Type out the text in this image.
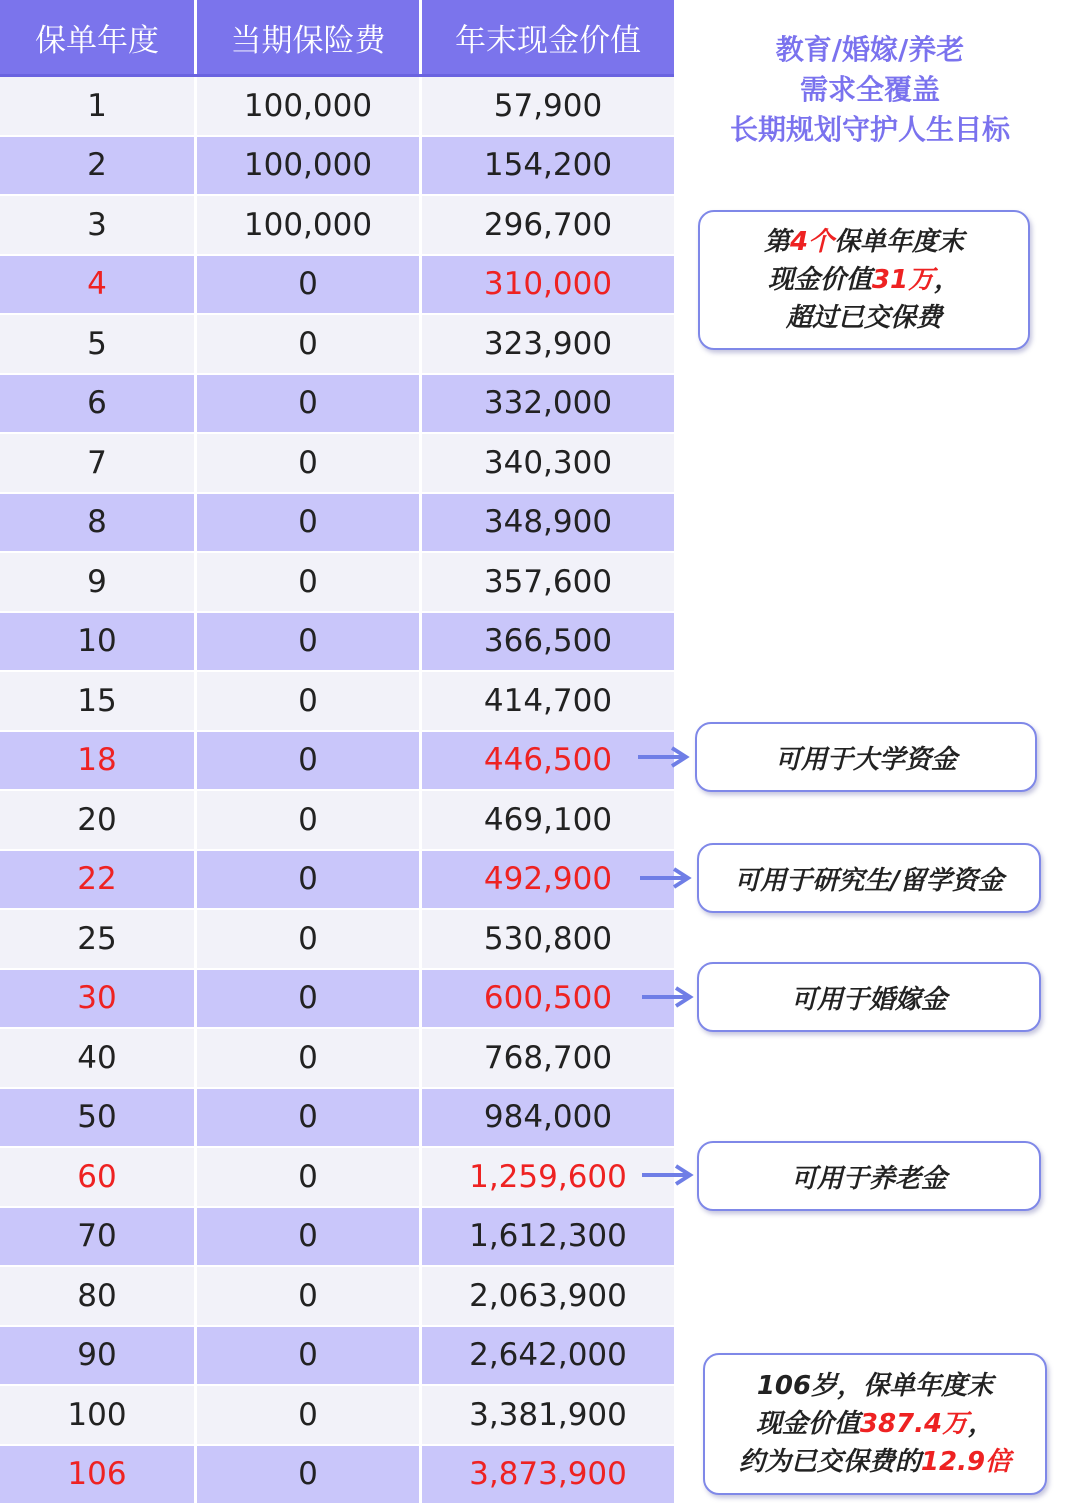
保单年度	当期保险费	年末现金价值
1	100,000	57,900
2	100,000	154,200
3	100,000	296,700
4	0	310,000
5	0	323,900
6	0	332,000
7	0	340,300
8	0	348,900
9	0	357,600
10	0	366,500
15	0	414,700
18	0	446,500
20	0	469,100
22	0	492,900
25	0	530,800
30	0	600,500
40	0	768,700
50	0	984,000
60	0	1,259,600
70	0	1,612,300
80	0	2,063,900
90	0	2,642,000
100	0	3,381,900
106	0	3,873,900
教育/婚嫁/养老
需求全覆盖
长期规划守护人生目标
第4个保单年度末
现金价值31万，
超过已交保费
可用于大学资金
可用于研究生/留学资金
可用于婚嫁金
可用于养老金
106岁，保单年度末
现金价值387.4万，
约为已交保费的12.9倍
